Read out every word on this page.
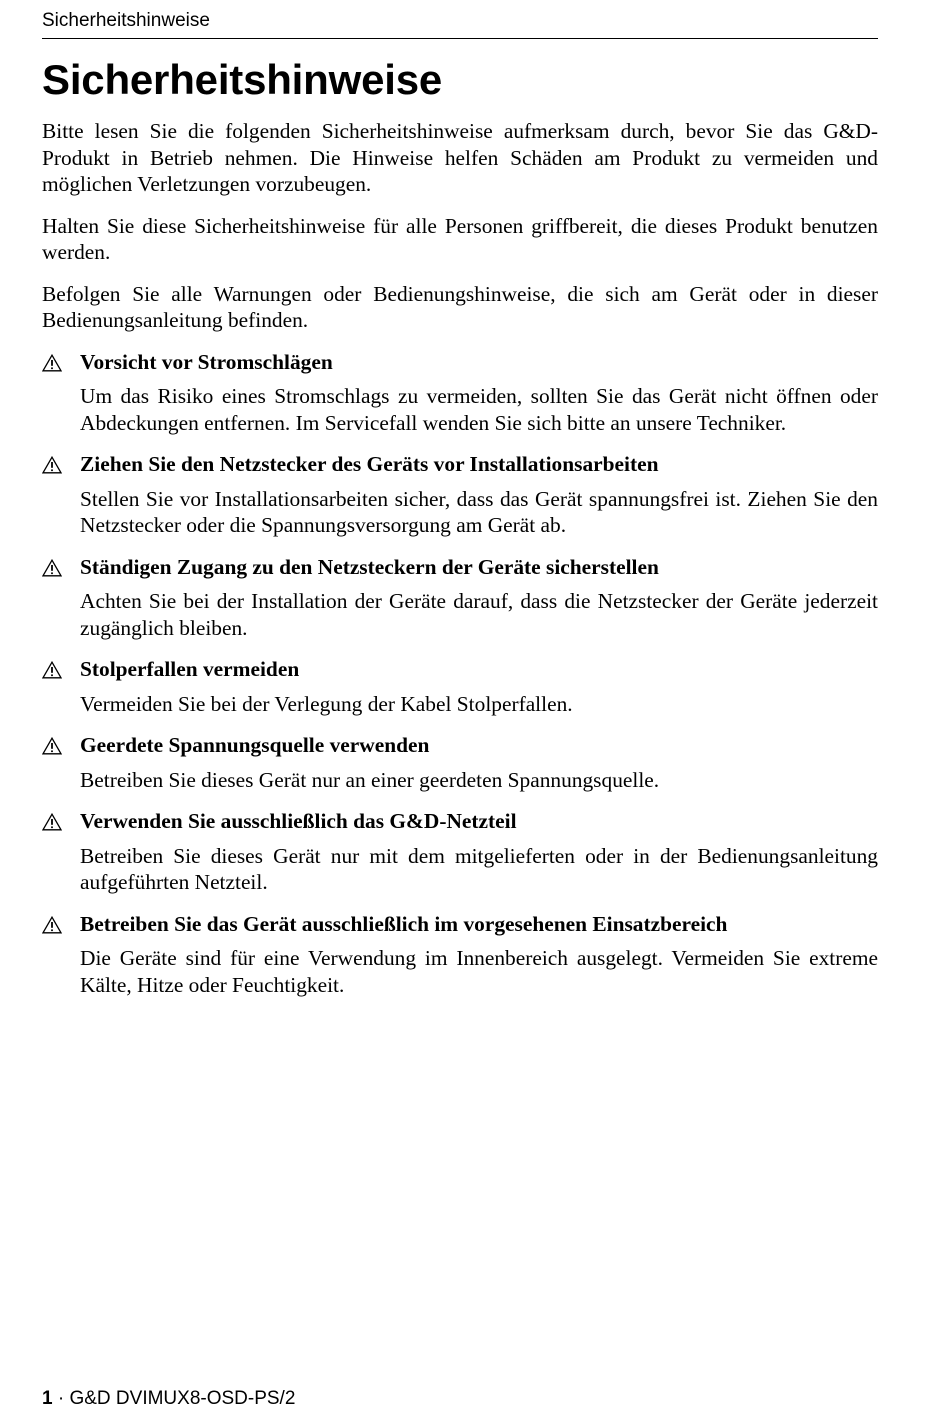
Sicherheitshinweise
Sicherheitshinweise

Bitte lesen Sie die folgenden Sicherheitshinweise aufmerksam durch, bevor Sie das G&D-Produkt in Betrieb nehmen. Die Hinweise helfen Schäden am Produkt zu vermeiden und möglichen Verletzungen vorzubeugen.

Halten Sie diese Sicherheitshinweise für alle Personen griffbereit, die dieses Produkt benutzen werden.

Befolgen Sie alle Warnungen oder Bedienungshinweise, die sich am Gerät oder in dieser Bedienungsanleitung befinden.

Vorsicht vor Stromschlägen
Um das Risiko eines Stromschlags zu vermeiden, sollten Sie das Gerät nicht öffnen oder Abdeckungen entfernen. Im Servicefall wenden Sie sich bitte an unsere Techniker.
Ziehen Sie den Netzstecker des Geräts vor Installationsarbeiten
Stellen Sie vor Installationsarbeiten sicher, dass das Gerät spannungsfrei ist. Ziehen Sie den Netzstecker oder die Spannungsversorgung am Gerät ab.
Ständigen Zugang zu den Netzsteckern der Geräte sicherstellen
Achten Sie bei der Installation der Geräte darauf, dass die Netzstecker der Geräte jederzeit zugänglich bleiben.
Stolperfallen vermeiden
Vermeiden Sie bei der Verlegung der Kabel Stolperfallen.
Geerdete Spannungsquelle verwenden
Betreiben Sie dieses Gerät nur an einer geerdeten Spannungsquelle.
Verwenden Sie ausschließlich das G&D-Netzteil
Betreiben Sie dieses Gerät nur mit dem mitgelieferten oder in der Bedienungsanleitung aufgeführten Netzteil.
Betreiben Sie das Gerät ausschließlich im vorgesehenen Einsatzbereich
Die Geräte sind für eine Verwendung im Innenbereich ausgelegt. Vermeiden Sie extreme Kälte, Hitze oder Feuchtigkeit.
1 · G&D DVIMUX8-OSD-PS/2
